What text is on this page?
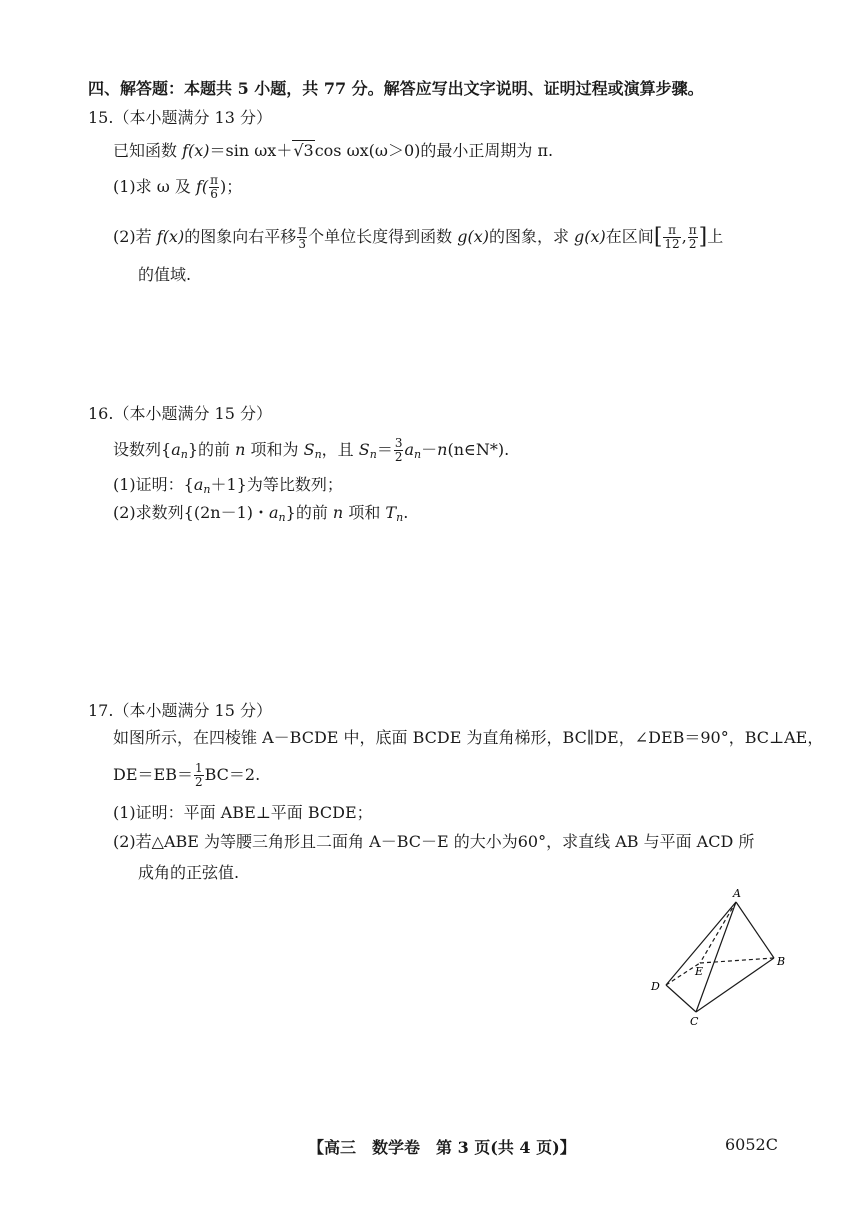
四、解答题：本题共 5 小题，共 77 分。解答应写出文字说明、证明过程或演算步骤。
15.（本小题满分 13 分）
已知函数 f(x)＝sin ωx＋√3cos ωx(ω＞0)的最小正周期为 π.
(1)求 ω 及 $f( \frac{\pi}{6}$ )；
(2)若 f(x)的图象向右平移 $\frac{\pi}{3}$ 个单位长度得到函数 g(x)的图象，求 g(x)在区间[ $\frac{\pi}{12}$ , $\frac{\pi}{2}$ ]上
的值域.
16.（本小题满分 15 分）
设数列$\{a_n\}$的前 n 项和为 $S_n$，且 $S_n= \frac{3}{2}$ $a_n-n(n\in N*)$.
(1)证明：$\{a_n+1\}$为等比数列；
(2)求数列{(2n－1)・$a_n$}的前 n 项和 $T_n$.
17.（本小题满分 15 分）
如图所示，在四棱锥 A－BCDE 中，底面 BCDE 为直角梯形，BC∥DE，∠DEB＝90°，BC⊥AE，
$DE=EB= \frac{1}{2} BC=2$.
(1)证明：平面 ABE⊥平面 BCDE；
(2)若△ABE 为等腰三角形且二面角 A－BC－E 的大小为60°，求直线 AB 与平面 ACD 所
成角的正弦值.
A
B
C
D
E
【高三　数学卷　第 3 页(共 4 页)】	6052C
